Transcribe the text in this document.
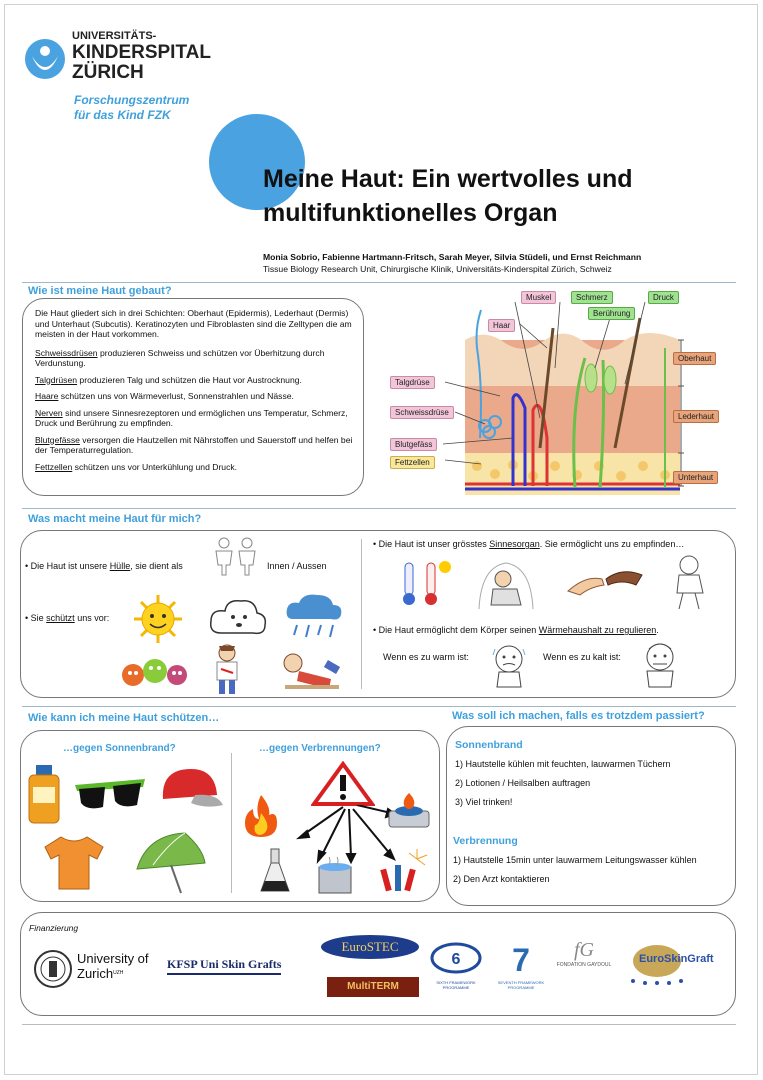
UNIVERSITÄTS-
KINDERSPITAL
ZÜRICH
Forschungszentrum
für das Kind FZK
Meine Haut: Ein wertvolles und
multifunktionelles Organ
Monia Sobrio, Fabienne Hartmann-Fritsch, Sarah Meyer, Silvia Stüdeli, und Ernst Reichmann
Tissue Biology Research Unit, Chirurgische Klinik, Universitäts-Kinderspital Zürich, Schweiz
Wie ist meine Haut gebaut?

Die Haut gliedert sich in drei Schichten: Oberhaut (Epidermis), Lederhaut (Dermis) und Unterhaut (Subcutis). Keratinozyten und Fibroblasten sind die Zelltypen die am meisten in der Haut vorkommen.

Schweissdrüsen produzieren Schweiss und schützen vor Überhitzung durch Verdunstung.

Talgdrüsen produzieren Talg und schützen die Haut vor Austrocknung.

Haare schützen uns von Wärmeverlust, Sonnenstrahlen und Nässe.

Nerven sind unsere Sinnesrezeptoren und ermöglichen uns Temperatur, Schmerz, Druck und Berührung zu empfinden.

Blutgefässe versorgen die Hautzellen mit Nährstoffen und Sauerstoff und helfen bei der Temperaturregulation.

Fettzellen schützen uns vor Unterkühlung und Druck.

Muskel	Schmerz	Druck
Berührung
Haar
Talgdrüse
Schweissdrüse
Blutgefäss
Fettzellen
Oberhaut
Lederhaut
Unterhaut
Was macht meine Haut für mich?
• Die Haut ist unsere Hülle, sie dient als	Innen / Aussen
• Sie schützt uns vor:
• Die Haut ist unser grösstes Sinnesorgan. Sie ermöglicht uns zu empfinden…
• Die Haut ermöglicht dem Körper seinen Wärmehaushalt zu regulieren.
Wenn es zu warm ist:	Wenn es zu kalt ist:
Wie kann ich meine Haut schützen…	Was soll ich machen, falls es trotzdem passiert?
…gegen Sonnenbrand?	…gegen Verbrennungen?	Sonnenbrand
1) Hautstelle kühlen mit feuchten, lauwarmen Tüchern
2) Lotionen / Heilsalben auftragen
3) Viel trinken!
Verbrennung
1) Hautstelle 15min unter lauwarmem Leitungswasser kühlen
2) Den Arzt kontaktieren
Finanzierung
University of
Zurich$^{UZH}$
KFSP Uni Skin Grafts
EuroSTEC
MultiTERM
6
SIXTH FRAMEWORK PROGRAMME
7
SEVENTH FRAMEWORK PROGRAMME
fG
FONDATION GAYDOUL	EuroSkinGraft
